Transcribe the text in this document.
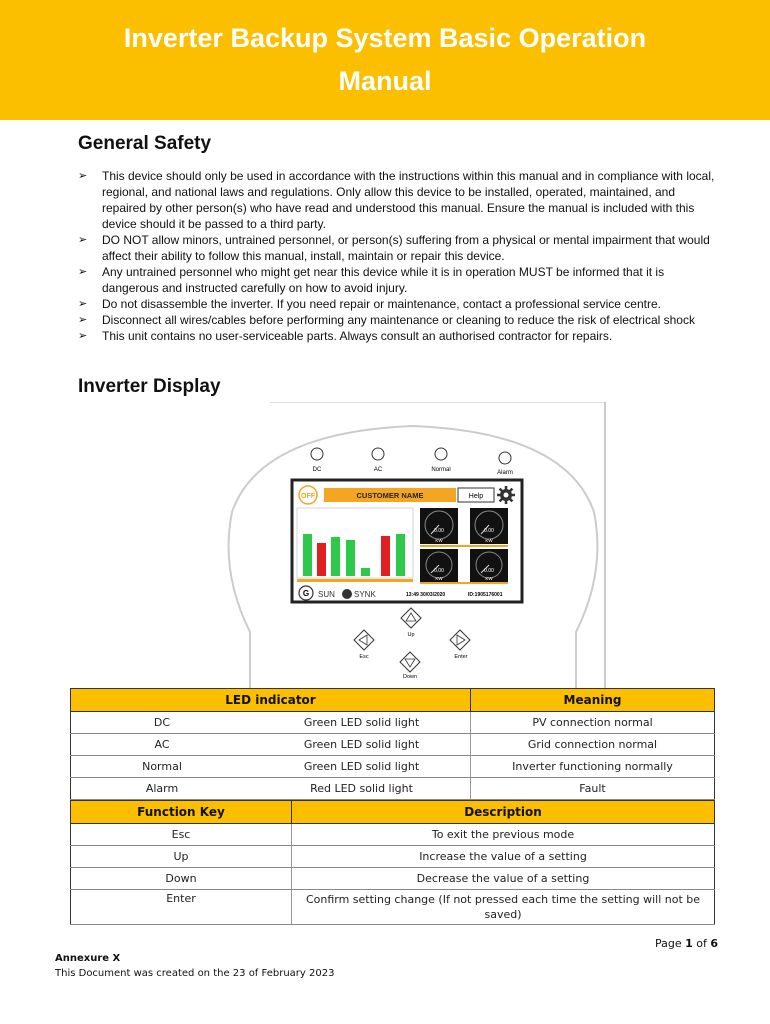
Inverter Backup System Basic Operation
Manual
General Safety
➢ This device should only be used in accordance with the instructions within this manual and in compliance with local, regional, and national laws and regulations. Only allow this device to be installed, operated, maintained, and repaired by other person(s) who have read and understood this manual. Ensure the manual is included with this device should it be passed to a third party.
➢ DO NOT allow minors, untrained personnel, or person(s) suffering from a physical or mental impairment that would affect their ability to follow this manual, install, maintain or repair this device.
➢ Any untrained personnel who might get near this device while it is in operation MUST be informed that it is dangerous and instructed carefully on how to avoid injury.
➢ Do not disassemble the inverter. If you need repair or maintenance, contact a professional service centre.
➢ Disconnect all wires/cables before performing any maintenance or cleaning to reduce the risk of electrical shock
➢ This unit contains no user-serviceable parts. Always consult an authorised contractor for repairs.
Inverter Display
DC	AC	Normal	Alarm
OFF	CUSTOMER NAME	Help
0.00
KW
0.00
KW
0.00
KW
0.00
KW
G SUN SYNK	13:49 30/03/2020	ID:1905176001
Up
Esc	Enter
Down
LED indicator		Meaning
DC	Green LED solid light	PV connection normal
AC	Green LED solid light	Grid connection normal
Normal	Green LED solid light	Inverter functioning normally
Alarm	Red LED solid light	Fault
Function Key	Description
Esc	To exit the previous mode
Up	Increase the value of a setting
Down	Decrease the value of a setting
Enter	Confirm setting change (If not pressed each time the setting will not be saved)
Page 1 of 6
Annexure X
This Document was created on the 23 of February 2023
